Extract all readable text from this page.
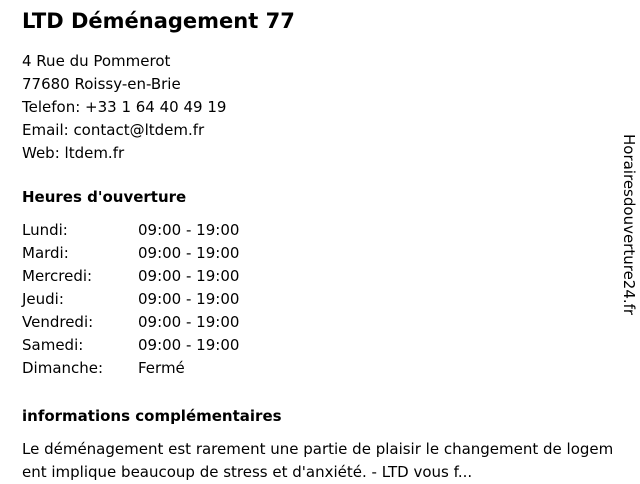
LTD Déménagement 77
4 Rue du Pommerot
77680 Roissy-en-Brie
Telefon: +33 1 64 40 49 19
Email: contact@ltdem.fr
Web: ltdem.fr
Heures d'ouverture
Lundi:	09:00 - 19:00
Mardi:	09:00 - 19:00
Mercredi:	09:00 - 19:00
Jeudi:	09:00 - 19:00
Vendredi:	09:00 - 19:00
Samedi:	09:00 - 19:00
Dimanche:	Fermé
informations complémentaires
Le déménagement est rarement une partie de plaisir le changement de logement implique beaucoup de stress et d'anxiété. - LTD vous f...
Horairesdouverture24.fr
